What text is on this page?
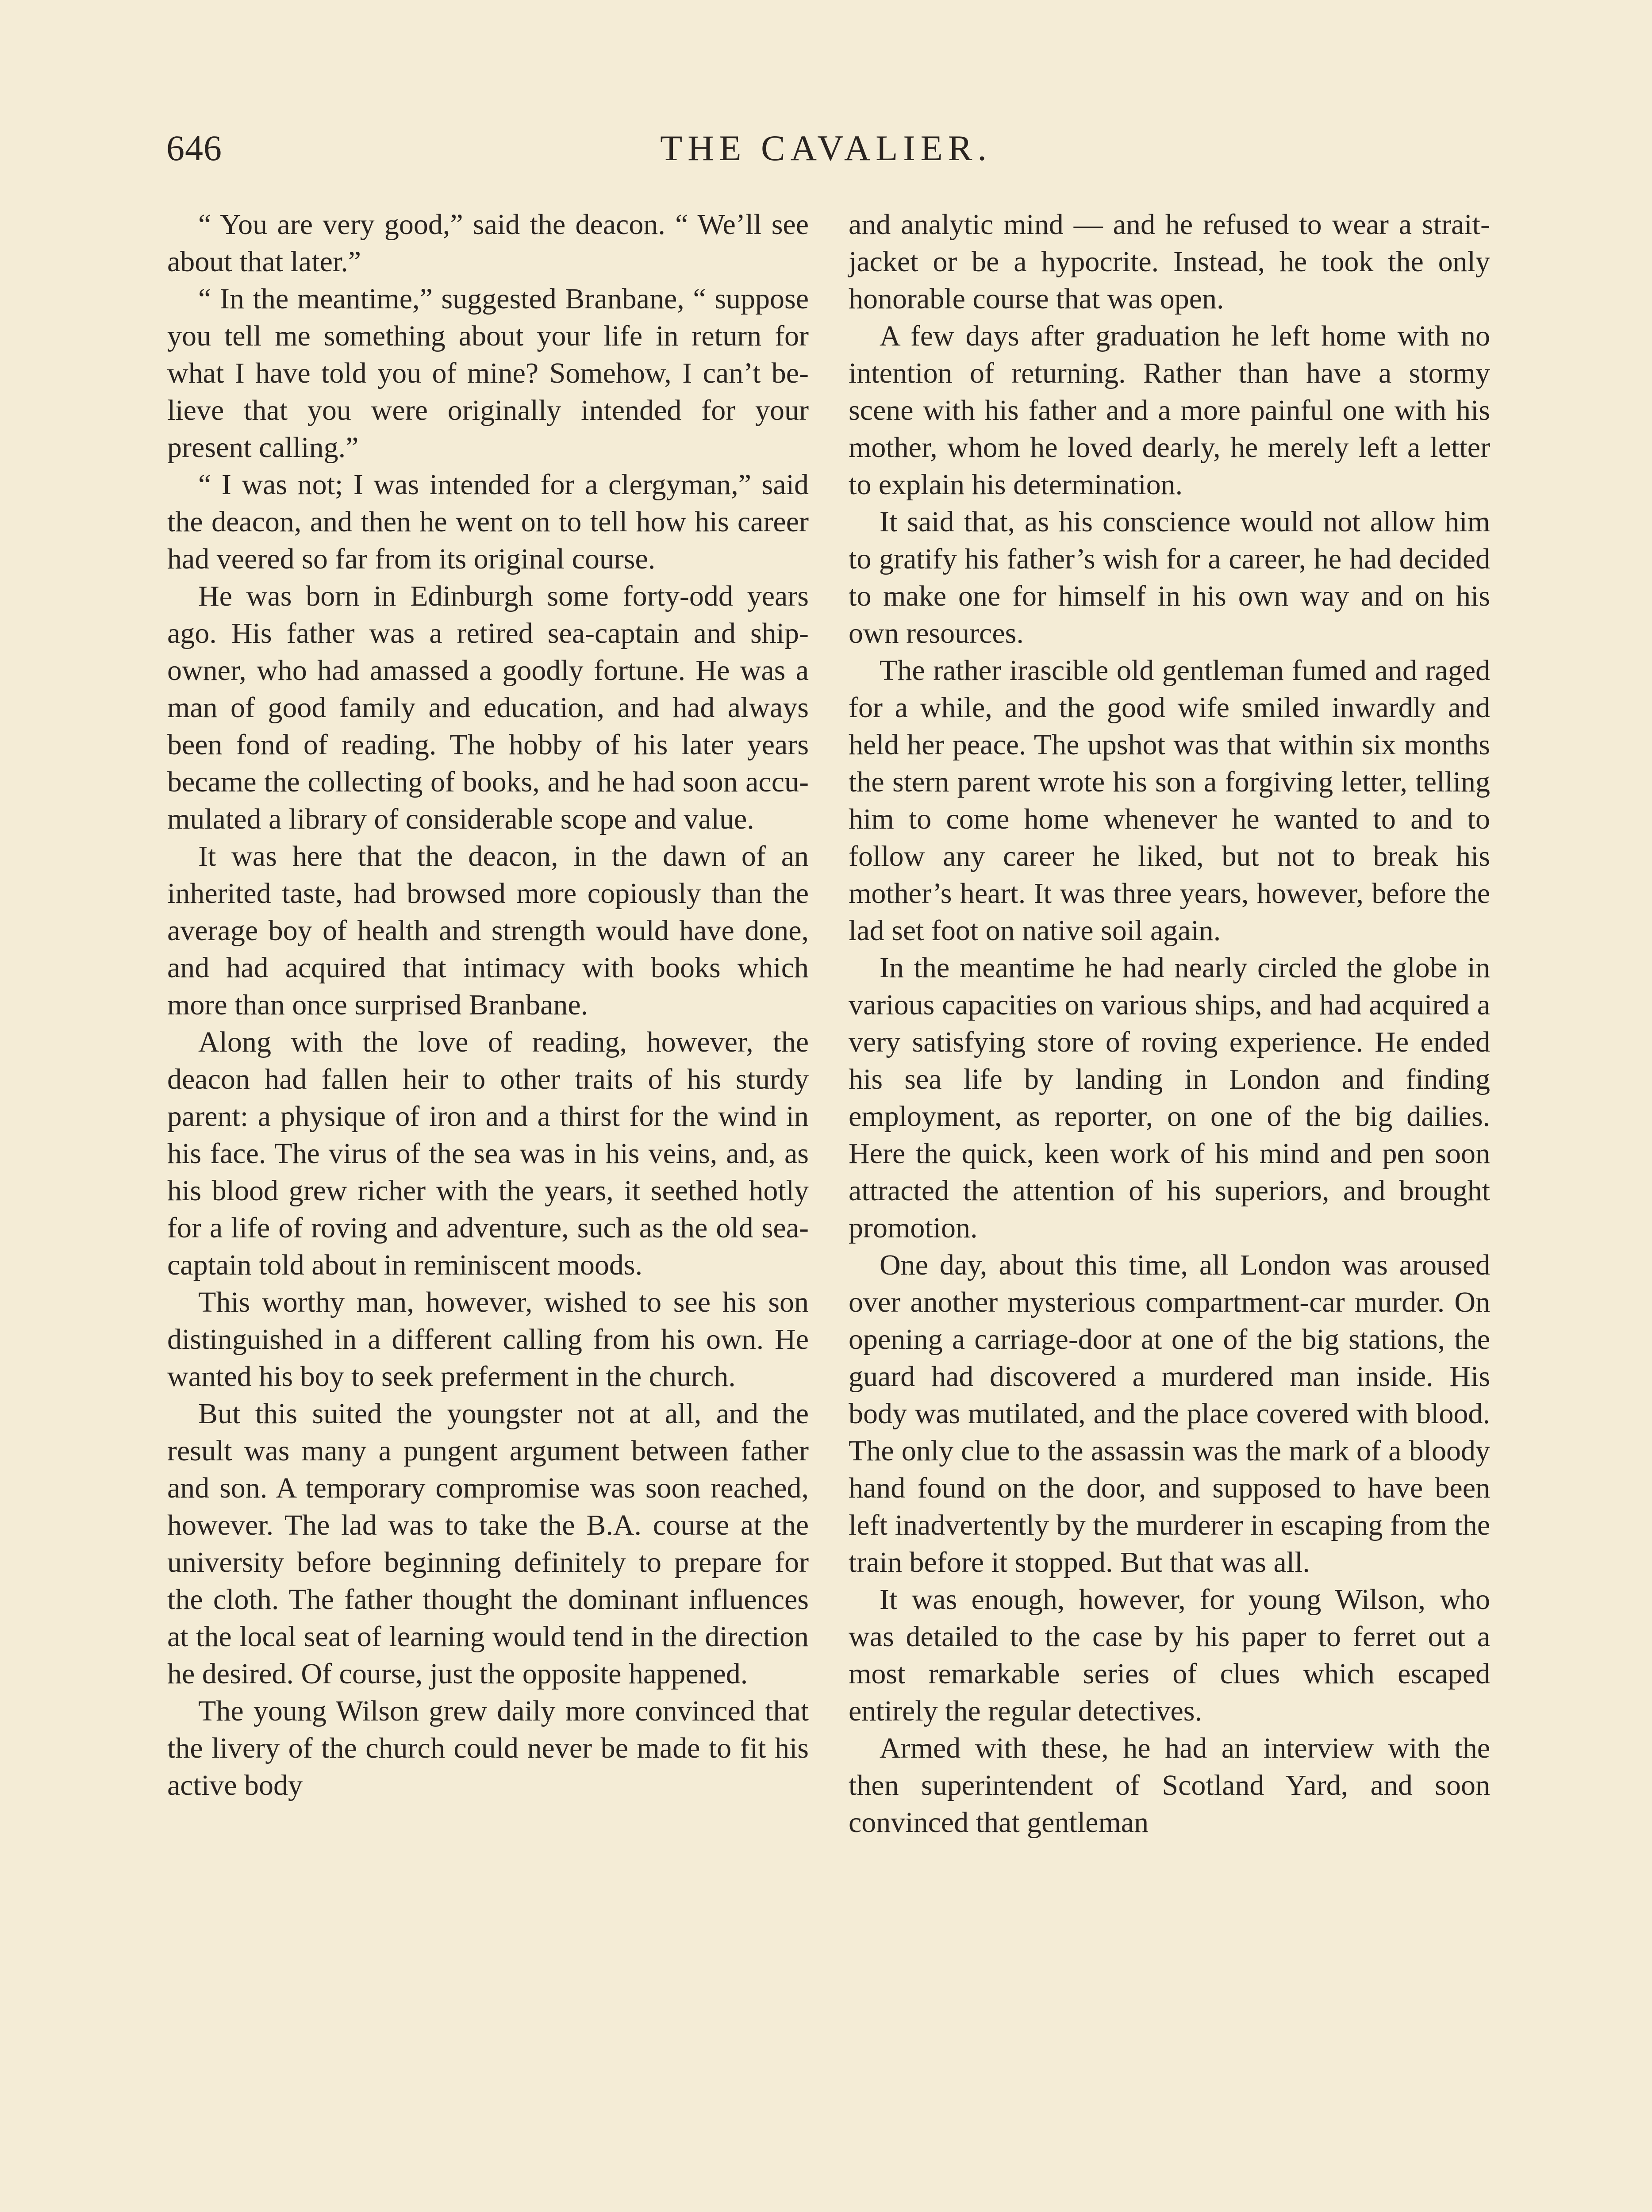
646	THE CAVALIER.

“ You are very good,” said the deacon. “ We’ll see about that later.”

“ In the meantime,” suggested Branbane, “ suppose you tell me something about your life in return for what I have told you of mine? Somehow, I can’t believe that you were originally intended for your present calling.”

“ I was not; I was intended for a clergyman,” said the deacon, and then he went on to tell how his career had veered so far from its original course.

He was born in Edinburgh some forty-odd years ago. His father was a retired sea-captain and ship-owner, who had amassed a goodly fortune. He was a man of good family and education, and had always been fond of reading. The hobby of his later years became the collecting of books, and he had soon accumulated a library of considerable scope and value.

It was here that the deacon, in the dawn of an inherited taste, had browsed more copiously than the average boy of health and strength would have done, and had acquired that intimacy with books which more than once surprised Branbane.

Along with the love of reading, however, the deacon had fallen heir to other traits of his sturdy parent: a physique of iron and a thirst for the wind in his face. The virus of the sea was in his veins, and, as his blood grew richer with the years, it seethed hotly for a life of roving and adventure, such as the old sea-captain told about in reminiscent moods.

This worthy man, however, wished to see his son distinguished in a different calling from his own. He wanted his boy to seek preferment in the church.

But this suited the youngster not at all, and the result was many a pungent argument between father and son. A temporary compromise was soon reached, however. The lad was to take the B.A. course at the university before beginning definitely to prepare for the cloth. The father thought the dominant influences at the local seat of learning would tend in the direction he desired. Of course, just the opposite happened.

The young Wilson grew daily more convinced that the livery of the church could never be made to fit his active body

and analytic mind — and he refused to wear a strait-jacket or be a hypocrite. Instead, he took the only honorable course that was open.

A few days after graduation he left home with no intention of returning. Rather than have a stormy scene with his father and a more painful one with his mother, whom he loved dearly, he merely left a letter to explain his determination.

It said that, as his conscience would not allow him to gratify his father’s wish for a career, he had decided to make one for himself in his own way and on his own resources.

The rather irascible old gentleman fumed and raged for a while, and the good wife smiled inwardly and held her peace. The upshot was that within six months the stern parent wrote his son a forgiving letter, telling him to come home whenever he wanted to and to follow any career he liked, but not to break his mother’s heart. It was three years, however, before the lad set foot on native soil again.

In the meantime he had nearly circled the globe in various capacities on various ships, and had acquired a very satisfying store of roving experience. He ended his sea life by landing in London and finding employment, as reporter, on one of the big dailies. Here the quick, keen work of his mind and pen soon attracted the attention of his superiors, and brought promotion.

One day, about this time, all London was aroused over another mysterious compartment-car murder. On opening a carriage-door at one of the big stations, the guard had discovered a murdered man inside. His body was mutilated, and the place covered with blood. The only clue to the assassin was the mark of a bloody hand found on the door, and supposed to have been left inadvertently by the murderer in escaping from the train before it stopped. But that was all.

It was enough, however, for young Wilson, who was detailed to the case by his paper to ferret out a most remarkable series of clues which escaped entirely the regular detectives.

Armed with these, he had an interview with the then superintendent of Scotland Yard, and soon convinced that gentleman
